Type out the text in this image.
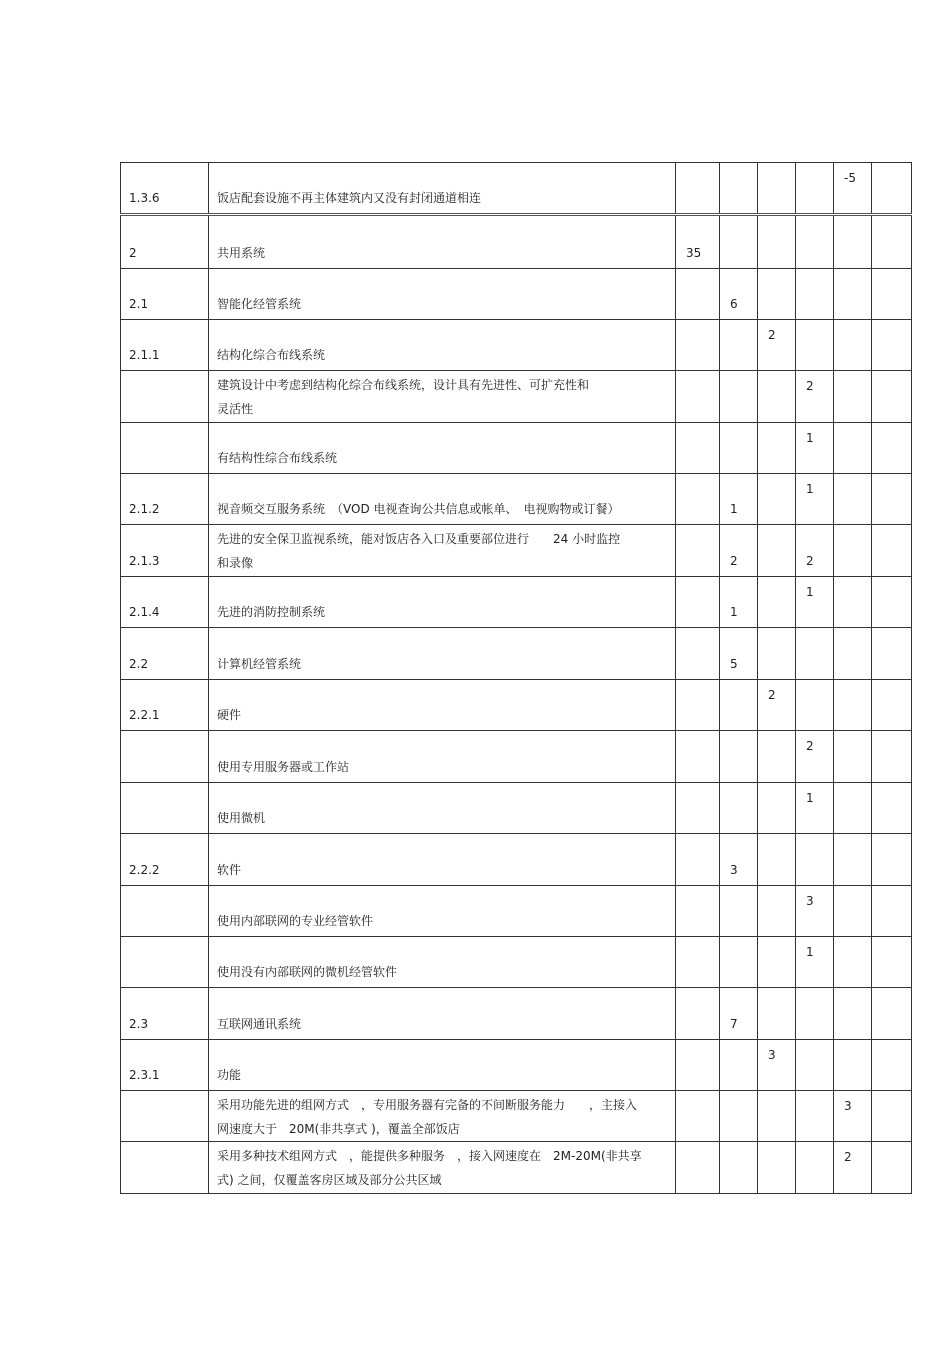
1.3.6	饭店配套设施不再主体建筑内又没有封闭通道相连					-5	

2	共用系统	35					

2.1	智能化经管系统		6				

2.1.1	结构化综合布线系统			2			

	建筑设计中考虑到结构化综合布线系统，设计具有先进性、可扩充性和
灵活性				2		

	有结构性综合布线系统				1		

2.1.2	视音频交互服务系统　（VOD 电视查询公共信息或帐单、　电视购物或订餐）		1		1		

2.1.3	先进的安全保卫监视系统，能对饭店各入口及重要部位进行　　24 小时监控
和录像		2		2		

2.1.4	先进的消防控制系统		1		1		

2.2	计算机经管系统		5				

2.2.1	硬件			2			

	使用专用服务器或工作站				2		

	使用微机				1		

2.2.2	软件		3				

	使用内部联网的专业经管软件				3		

	使用没有内部联网的微机经管软件				1		

2.3	互联网通讯系统		7				

2.3.1	功能			3			

	采用功能先进的组网方式　，专用服务器有完备的不间断服务能力　　，主接入
网速度大于　20M(非共享式 )，覆盖全部饭店					3	

	采用多种技术组网方式　，能提供多种服务　，接入网速度在　2M-20M(非共享
式) 之间，仅覆盖客房区域及部分公共区域					2	
